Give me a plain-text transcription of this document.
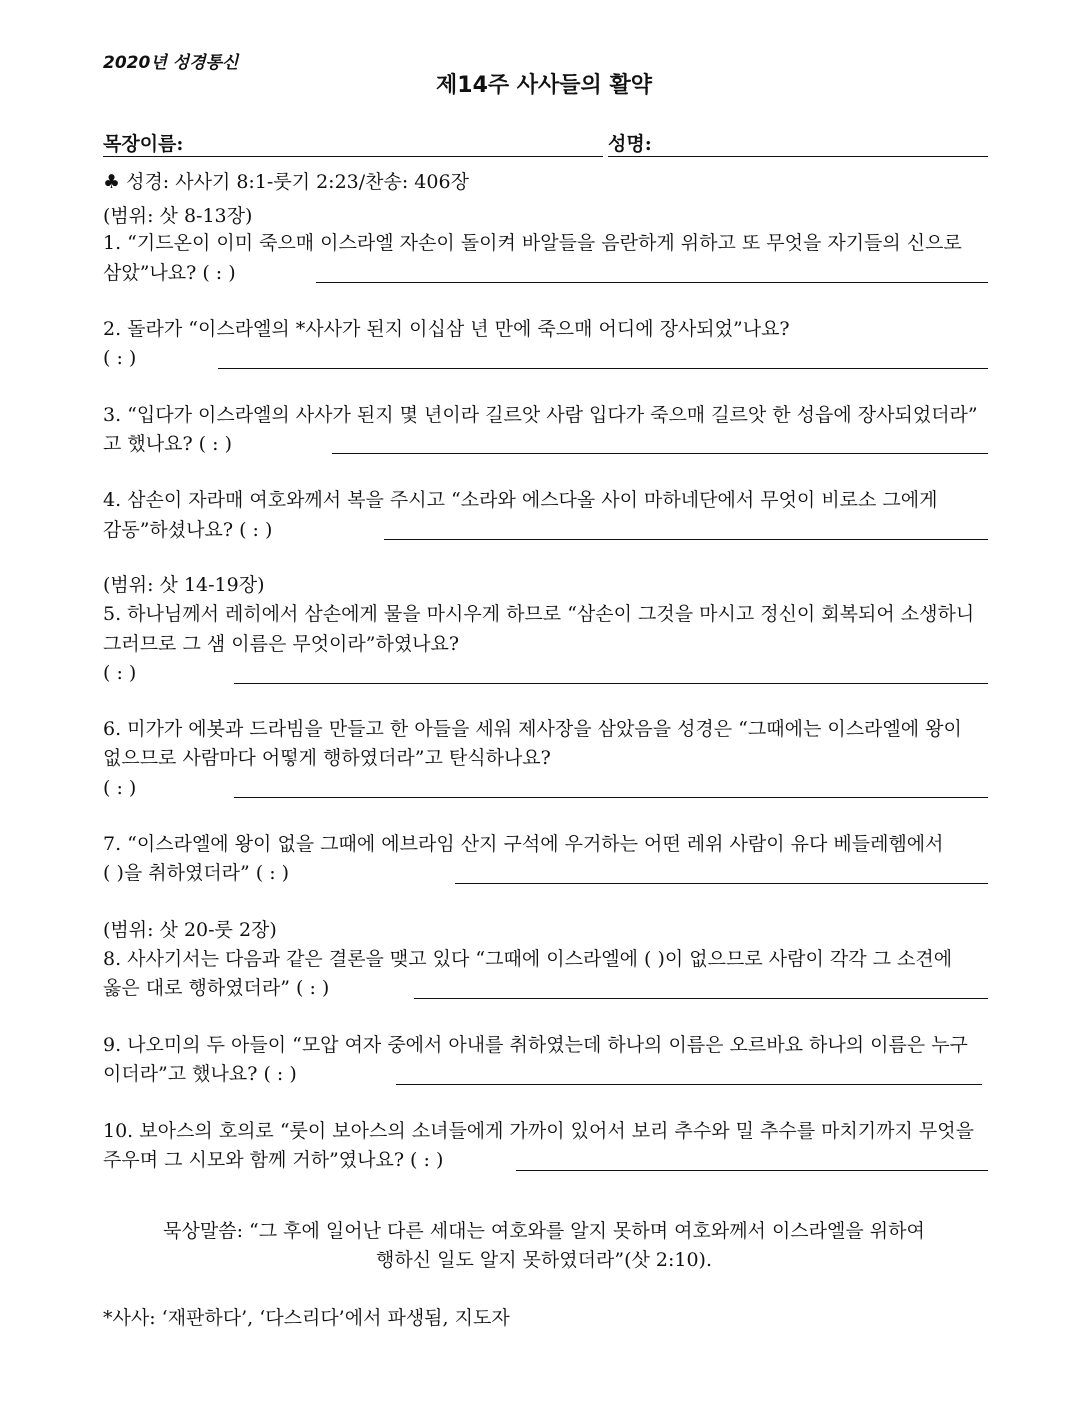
2020년 성경통신
제14주 사사들의 활약
목장이름:	성명:
♣ 성경: 사사기 8:1-룻기 2:23/찬송: 406장
(범위: 삿 8-13장)
1. “기드온이 이미 죽으매 이스라엘 자손이 돌이켜 바알들을 음란하게 위하고 또 무엇을 자기들의 신으로
삼았”나요? ( : )
2. 돌라가 “이스라엘의 *사사가 된지 이십삼 년 만에 죽으매 어디에 장사되었”나요?
( : )
3. “입다가 이스라엘의 사사가 된지 몇 년이라 길르앗 사람 입다가 죽으매 길르앗 한 성읍에 장사되었더라”
고 했나요? ( : )
4. 삼손이 자라매 여호와께서 복을 주시고 “소라와 에스다올 사이 마하네단에서 무엇이 비로소 그에게
감동”하셨나요? ( : )
(범위: 삿 14-19장)
5. 하나님께서 레히에서 삼손에게 물을 마시우게 하므로 “삼손이 그것을 마시고 정신이 회복되어 소생하니
그러므로 그 샘 이름은 무엇이라”하였나요?
( : )
6. 미가가 에봇과 드라빔을 만들고 한 아들을 세워 제사장을 삼았음을 성경은 “그때에는 이스라엘에 왕이
없으므로 사람마다 어떻게 행하였더라”고 탄식하나요?
( : )
7. “이스라엘에 왕이 없을 그때에 에브라임 산지 구석에 우거하는 어떤 레위 사람이 유다 베들레헴에서
( )을 취하였더라” ( : )
(범위: 삿 20-룻 2장)
8. 사사기서는 다음과 같은 결론을 맺고 있다 “그때에 이스라엘에 ( )이 없으므로 사람이 각각 그 소견에
옳은 대로 행하였더라” ( : )
9. 나오미의 두 아들이 “모압 여자 중에서 아내를 취하였는데 하나의 이름은 오르바요 하나의 이름은 누구
이더라”고 했나요? ( : )
10. 보아스의 호의로 “룻이 보아스의 소녀들에게 가까이 있어서 보리 추수와 밀 추수를 마치기까지 무엇을
주우며 그 시모와 함께 거하”였나요? ( : )
묵상말씀: “그 후에 일어난 다른 세대는 여호와를 알지 못하며 여호와께서 이스라엘을 위하여
행하신 일도 알지 못하였더라”(삿 2:10).
*사사: ‘재판하다’, ‘다스리다’에서 파생됨, 지도자
